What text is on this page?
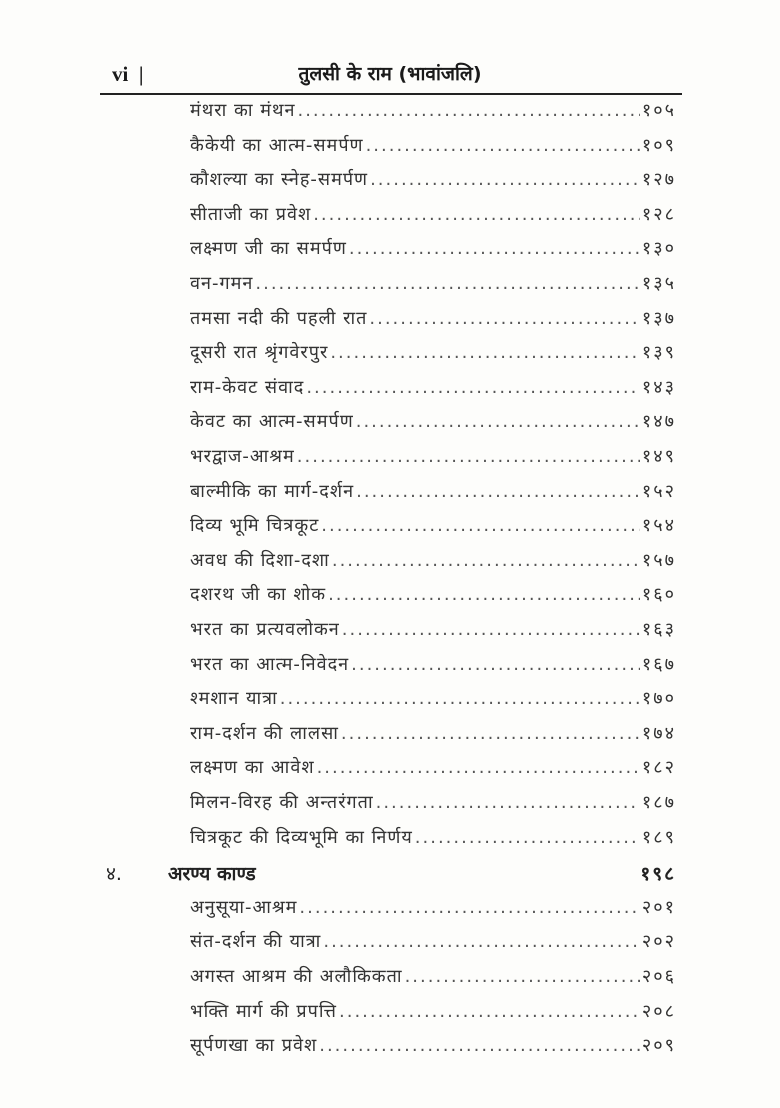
vi |	तुलसी के राम (भावांजलि)
मंथरा का मंथन .....	१०५
कैकेयी का आत्म-समर्पण .....	१०९
कौशल्या का स्नेह-समर्पण .....	१२७
सीताजी का प्रवेश .....	१२८
लक्ष्मण जी का समर्पण .....	१३०
वन-गमन .....	१३५
तमसा नदी की पहली रात .....	१३७
दूसरी रात श्रृंगवेरपुर .....	१३९
राम-केवट संवाद .....	१४३
केवट का आत्म-समर्पण .....	१४७
भरद्वाज-आश्रम .....	१४९
बाल्मीकि का मार्ग-दर्शन .....	१५२
दिव्य भूमि चित्रकूट .....	१५४
अवध की दिशा-दशा .....	१५७
दशरथ जी का शोक .....	१६०
भरत का प्रत्यवलोकन .....	१६३
भरत का आत्म-निवेदन .....	१६७
श्मशान यात्रा .....	१७०
राम-दर्शन की लालसा .....	१७४
लक्ष्मण का आवेश .....	१८२
मिलन-विरह की अन्तरंगता .....	१८७
चित्रकूट की दिव्यभूमि का निर्णय .....	१८९
४. अरण्य काण्ड	१९८
अनुसूया-आश्रम .....	२०१
संत-दर्शन की यात्रा .....	२०२
अगस्त आश्रम की अलौकिकता .....	२०६
भक्ति मार्ग की प्रपत्ति .....	२०८
सूर्पणखा का प्रवेश .....	२०९
